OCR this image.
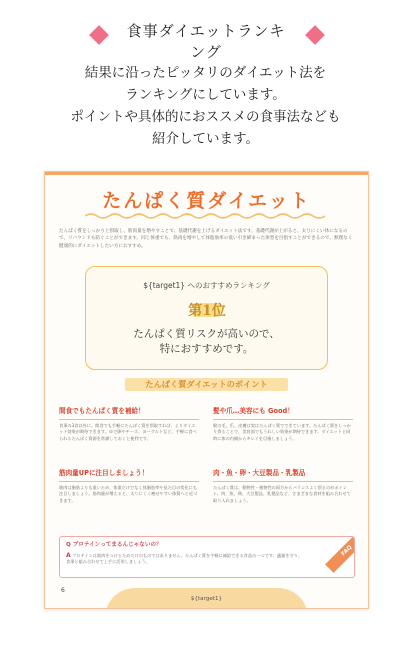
食事ダイエットランキング
結果に沿ったピッタリのダイエット法を
ランキングにしています。
ポイントや具体的におススメの食事法なども
紹介しています。
たんぱく質ダイエット
たんぱく質をしっかりと摂取し、筋肉量を増やすことで、基礎代謝を上げるダイエット法です。基礎代謝が上がると、太りにくい体になるので、リバウンドも防ぐことができます。同じ体重でも、筋肉を増やして体脂肪率の低い引き締まった体型を目指すことができるので、無理なく健康的にダイエットしたい方におすすめ。
${target1} へのおすすめランキング
第1位
たんぱく質リスクが高いので、
特におすすめです。
たんぱく質ダイエットのポイント
間食でもたんぱく質を補給！
食事の3食以外に、間食でも手軽にたんぱく質を摂取すれば、よりダイエット効果が期待できます。ゆで卵やチーズ、ヨーグルトなど、手軽に食べられるたんぱく質源を常備しておくと便利です。
髪や爪…美容にも Good！
髪の毛、爪、皮膚は実はたんぱく質でできています。たんぱく質をしっかり摂ることで、美容面でもうれしい効果が期待できます。ダイエットと同時に体の内側からキレイを目指しましょう。
筋肉量UPに注目しましょう！
筋肉は脂肪よりも重いため、体重だけでなく体脂肪率や見た目の変化にも注目しましょう。筋肉量が増えると、太りにくく痩せやすい体質へと近づきます。
肉・魚・卵・大豆製品・乳製品
たんぱく質は、動物性・植物性の両方からバランスよく摂るのがポイント。肉、魚、卵、大豆製品、乳製品など、さまざまな食材を組み合わせて取り入れましょう。
Q プロテインってまるんじゃないの？
A プロテインは筋肉をつけるためだけのものではありません。たんぱく質を手軽に補給できる食品の一つです。適量を守り、食事と組み合わせて上手に活用しましょう。
FAQ
6
${target1}
